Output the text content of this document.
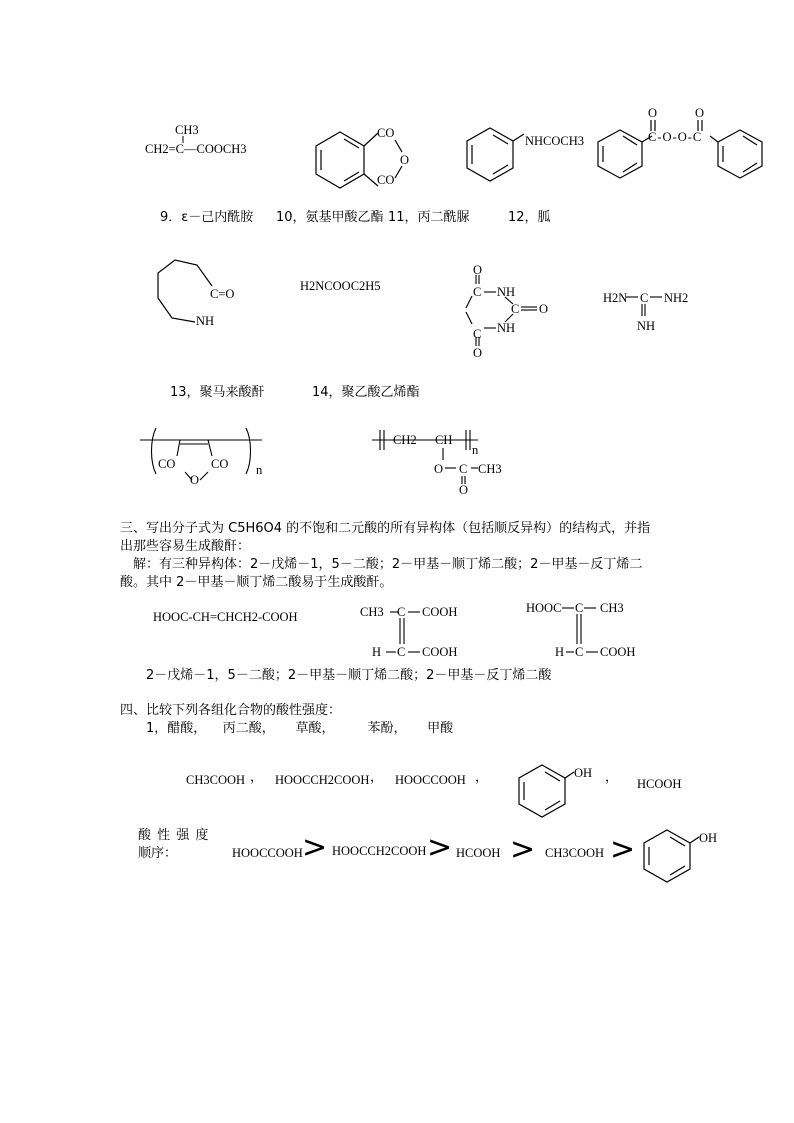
CH3
CH2=C—COOCH3
CO
O
CO
NHCOCH3
O	O
C-O-O-C
9．ε－己内酰胺 10，氨基甲酸乙酯 11，丙二酰脲	12，胍
C=O
NH
H2NCOOC2H5
O
C NH
C O
NH
C
O
H2N C NH2
NH
13，聚马来酸酐	14，聚乙酸乙烯酯
CO	CO
O
n
CH2 CH
n
O C CH3
O
三、写出分子式为 C5H6O4 的不饱和二元酸的所有异构体（包括顺反异构）的结构式，并指
出那些容易生成酸酐：
解：有三种异构体：2－戊烯－1，5－二酸；2－甲基－顺丁烯二酸；2－甲基－反丁烯二
酸。其中 2－甲基－顺丁烯二酸易于生成酸酐。
HOOC-CH=CHCH2-COOH	CH3 C COOH
H C COOH
HOOC C CH3
H C COOH
2－戊烯－1，5－二酸；2－甲基－顺丁烯二酸；2－甲基－反丁烯二酸
四、比较下列各组化合物的酸性强度：
1，醋酸，    丙二酸，     草酸，        苯酚，     甲酸
CH3COOH ， HOOCCH2COOH ， HOOCCOOH ，	OH ， HCOOH
酸 性 强 度
顺序：	HOOCCOOH > HOOCCH2COOH > HCOOH > CH3COOH >	OH
